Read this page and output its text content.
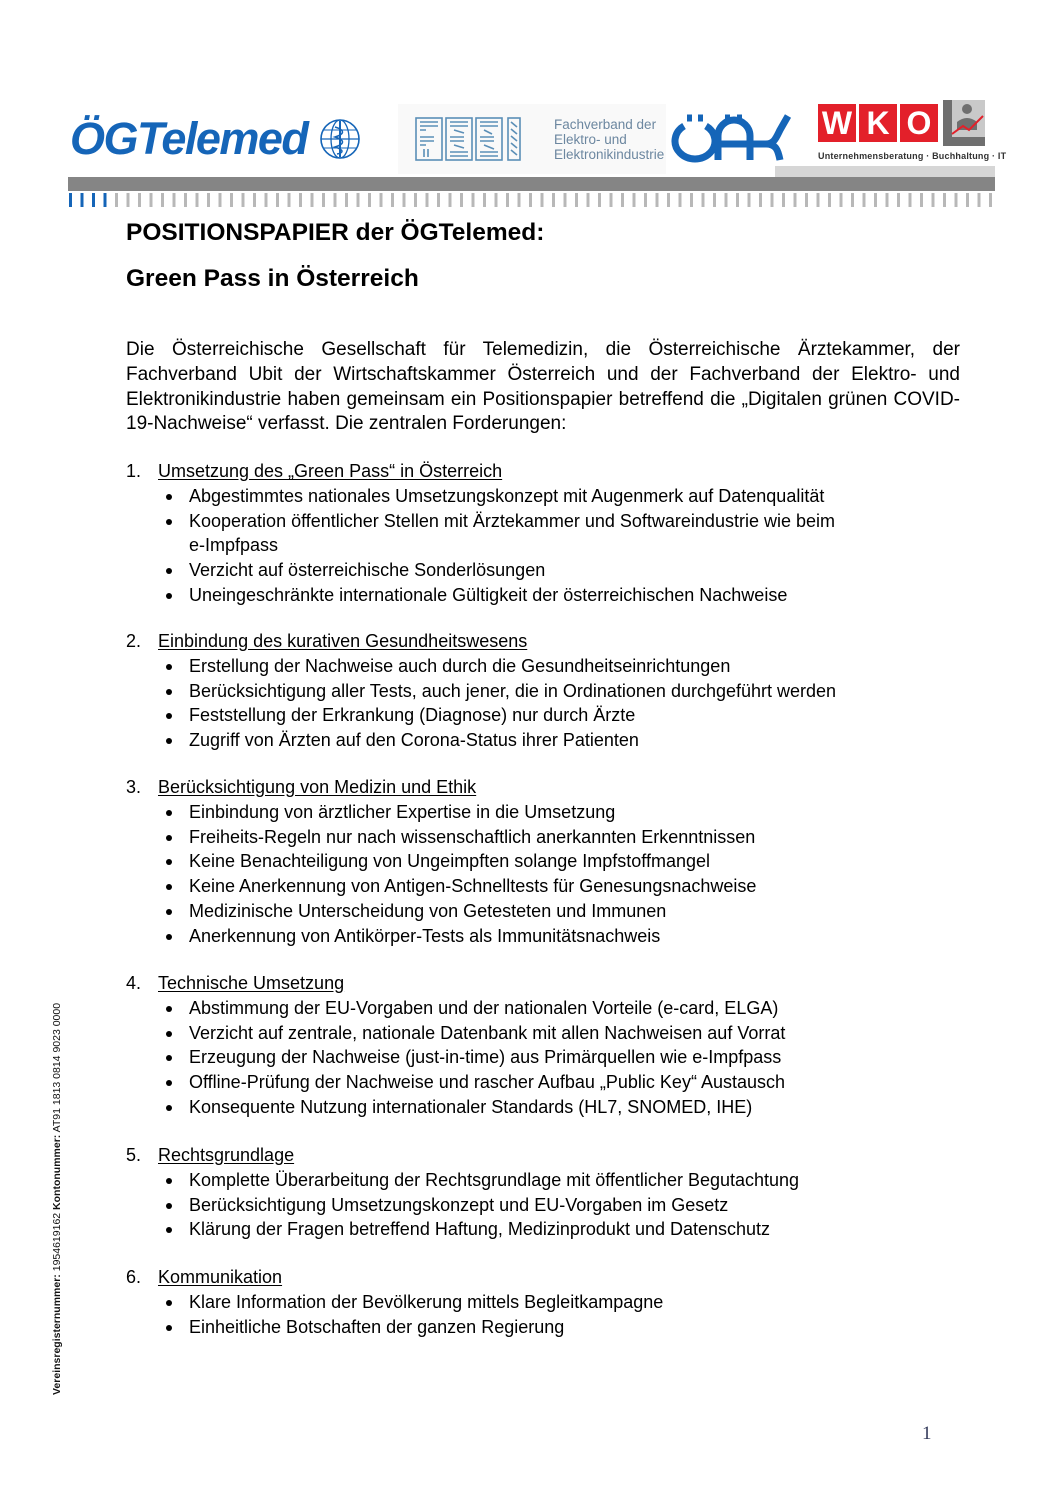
ÖGTelemed	Fachverband der
Elektro- und
Elektronikindustrie
W K O
Unternehmensberatung · Buchhaltung · IT
POSITIONSPAPIER der ÖGTelemed:
Green Pass in Österreich
Die Österreichische Gesellschaft für Telemedizin, die Österreichische Ärztekammer, der Fachverband Ubit der Wirtschaftskammer Österreich und der Fachverband der Elektro- und Elektronikindustrie haben gemeinsam ein Positionspapier betreffend die „Digitalen grünen COVID-19-Nachweise“ verfasst. Die zentralen Forderungen:
1. Umsetzung des „Green Pass“ in Österreich
Abgestimmtes nationales Umsetzungskonzept mit Augenmerk auf Datenqualität
Kooperation öffentlicher Stellen mit Ärztekammer und Softwareindustrie wie beim
e-Impfpass
Verzicht auf österreichische Sonderlösungen
Uneingeschränkte internationale Gültigkeit der österreichischen Nachweise
2. Einbindung des kurativen Gesundheitswesens
Erstellung der Nachweise auch durch die Gesundheitseinrichtungen
Berücksichtigung aller Tests, auch jener, die in Ordinationen durchgeführt werden
Feststellung der Erkrankung (Diagnose) nur durch Ärzte
Zugriff von Ärzten auf den Corona-Status ihrer Patienten
3. Berücksichtigung von Medizin und Ethik
Einbindung von ärztlicher Expertise in die Umsetzung
Freiheits-Regeln nur nach wissenschaftlich anerkannten Erkenntnissen
Keine Benachteiligung von Ungeimpften solange Impfstoffmangel
Keine Anerkennung von Antigen-Schnelltests für Genesungsnachweise
Medizinische Unterscheidung von Getesteten und Immunen
Anerkennung von Antikörper-Tests als Immunitätsnachweis
4. Technische Umsetzung
Abstimmung der EU-Vorgaben und der nationalen Vorteile (e-card, ELGA)
Verzicht auf zentrale, nationale Datenbank mit allen Nachweisen auf Vorrat
Erzeugung der Nachweise (just-in-time) aus Primärquellen wie e-Impfpass
Offline-Prüfung der Nachweise und rascher Aufbau „Public Key“ Austausch
Konsequente Nutzung internationaler Standards (HL7, SNOMED, IHE)
5. Rechtsgrundlage
Komplette Überarbeitung der Rechtsgrundlage mit öffentlicher Begutachtung
Berücksichtigung Umsetzungskonzept und EU-Vorgaben im Gesetz
Klärung der Fragen betreffend Haftung, Medizinprodukt und Datenschutz
6. Kommunikation
Klare Information der Bevölkerung mittels Begleitkampagne
Einheitliche Botschaften der ganzen Regierung
Vereinsregisternummer: 1954619162 Kontonummer: AT91 1813 0814 9023 0000
1
